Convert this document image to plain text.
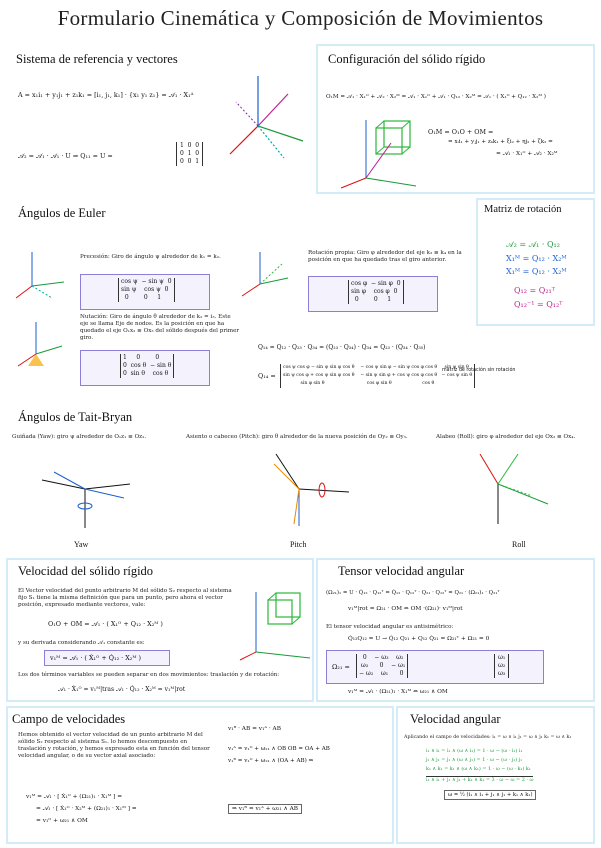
Formulario Cinemática y Composición de Movimientos
Sistema de referencia y vectores
A = x₁i₁ + y₁j₁ + z₁k₁ = [i₁, j₁, k₁] · {x₁ y₁ z₁} = 𝒜₁ · X₁ᴬ
𝒜₂ = 𝒜₁ · 𝒜₁ · U ⇒ Q₁₁ = U =
1  0  0
0  1  0
0  0  1
Configuración del sólido rígido
O₁M = 𝒜₁ · X₁ᴼ + 𝒜₂ · X₂ᴹ = 𝒜₁ · X₁ᴼ + 𝒜₁ · Q₁₂ · X₂ᴹ = 𝒜₁ · ( X₁ᴼ + Q₁₂ · X₂ᴹ )
O₁M = O₁O + OM =
= xᵢi₁ + yⱼj₁ + zₖk₁ + ξi₂ + ηj₂ + ζk₂ =
= 𝒜₁ · X₁ᴼ + 𝒜₂ · X₂ᴹ
Ángulos de Euler
Precesión: Giro de ángulo ψ alrededor de k₁ = k₂.
cos ψ  − sin ψ  0
sin ψ    cos ψ  0
0        0     1
Nutación: Giro de ángulo θ alrededor de k₂ = i₃. Este eje se llama Eje de nodos. Es la posición en que ha quedado el eje O₁x₂ ≡ Ox₃ del sólido después del primer giro.
1     0        0
0  cos θ  − sin θ
0  sin θ    cos θ
Rotación propia: Giro φ alrededor del eje k₃ ≡ k₄ en la posición en que ha quedado tras el giro anterior.
cos φ  − sin φ  0
sin φ    cos φ  0
0        0     1
Q₁₄ = Q₁₂ · Q₂₃ · Q₃₄ = (Q₂₃ · Q₃₄) · Q₃₄ = Q₂₃ · (Q₃₄ · Q₃₅)
Q₁₄ =
cos ψ cos φ − sin ψ sin φ cos θ    − cos ψ sin φ − sin ψ cos φ cos θ     sin ψ sin θ
sin ψ cos φ + cos ψ sin φ cos θ    − sin ψ sin φ + cos ψ cos φ cos θ   − cos ψ sin θ
sin φ sin θ                             cos φ sin θ                     cos θ
matriz de rotación sin rotación
Matriz de rotación
𝒜₂ = 𝒜₁ · Q₁₂
X₁ᴹ = Q₁₂ · X₂ᴹ
X₁ᴹ = Q₁₂ · X₂ᴹ
Q₁₂ = Q₂₁ᵀ
Q₁₂⁻¹ = Q₁₂ᵀ
Ángulos de Tait-Bryan
Guiñada (Yaw): giro ψ alrededor de O₁z₁ ≡ Oz₂.	Asiento o cabeceo (Pitch): giro θ alrededor de la nueva posición de Oy₂ ≡ Oy₃.	Alabeo (Roll): giro φ alrededor del eje Ox₃ ≡ Ox₄.
Yaw	Pitch	Roll
Velocidad del sólido rígido
El Vector velocidad del punto arbitrario M del sólido S₂ respecto al sistema fijo S₁ tiene la misma definición que para un punto, pero ahora el vector posición, expresado mediante vectores, vale:
O₁O + OM = 𝒜₁ · ( X₁ᴼ + Q₁₂ · X₂ᴹ )
y su derivada considerando 𝒜₁ constante es:
v₁ᴹ = 𝒜₁ · ( Ẋ₁ᴼ + Q̇₁₂ · X₂ᴹ )
Los dos términos variables se pueden separar en dos movimientos: traslación y de rotación:
𝒜₁ · Ẋ₁ᴼ = v₁ᴹ|tras 𝒜₁ · Q̇₁₂ · X₂ᴹ = v₁ᴹ|rot
Tensor velocidad angular
(Ω₂₁)₁ = U · Q̇₁₂ · Q₁₂ᵀ = Q̇₁₂ · Q₁₂ᵀ · Q₂₁ · Q₁₂ᵀ = Q₂₁ · (Ω₂₁)₁ · Q₂₁ᵀ
v₁ᴹ|rot = Ω₂₁ · OM ⇔ OM ·(Ω₂₁)· v₁ᴹ|rot
El tensor velocidad angular es antisimétrico:
Q̇₁₂Q₁₂ = U → Q̇₁₂ Q₂₁ + Q₁₂ Q̇₂₁ = Ω₂₁ᵀ + Ω₂₁ = 0
Ω₂₁ =
0    − ω₃    ω₂
ω₃      0    − ω₁
− ω₂    ω₁      0
ω₁
ω₂
ω₃
v₁ᴹ = 𝒜₁ · (Ω₂₁)₁ · X₁ᴹ ⇔ ω₂₁ ∧ OM
Campo de velocidades
Hemos obtenido el vector velocidad de un punto arbitrario M del sólido S₂ respecto al sistema S₁. lo hemos descompuesto en traslación y rotación, y hemos expresado esta en función del tensor velocidad angular, o de su vector axial asociado:
v₁ᴹ = 𝒜₁ · [ Ẋ₁ᴼ + (Ω₂₁)₁ · X₁ᴹ ] =
= 𝒜₁ · [ Ẋ₁ᴼ · X₂ᴹ + (Ω₂₁)₁ · X₁ᴹ ] =
= v₁ᴼ + ω₂₁ ∧ OM
v₁ᴮ · AB = v₁ᴬ · AB
v₁ᴬ = v₁ᴼ + ω₂₁ ∧ OB OB = OA + AB
v₁ᴮ = v₁ᴼ + ω₂₁ ∧ (OA + AB) ⇒
⇒ v₁ᴮ = v₁ᴬ + ω₂₁ ∧ AB
Velocidad angular
Aplicando el campo de velocidades: i₁ = ω ∧ i₁ j₁ = ω ∧ j₁ k₁ = ω ∧ k₁
i₁ ∧ i₁ = i₁ ∧ (ω ∧ i₁) = 1 · ω − (ω · i₁) i₁
j₁ ∧ j₁ = j₁ ∧ (ω ∧ j₁) = 1 · ω − (ω · j₁) j₁
k₁ ∧ k₁ = k₁ ∧ (ω ∧ k₁) = 1 · ω − (ω · k₁) k₁
i₁ ∧ i₁ + j₁ ∧ j₁ + k₁ ∧ k₁ = 3 · ω − ω = 2 · ω
ω = ½ (i₁ ∧ i₁ + j₁ ∧ j₁ + k₁ ∧ k₁)
